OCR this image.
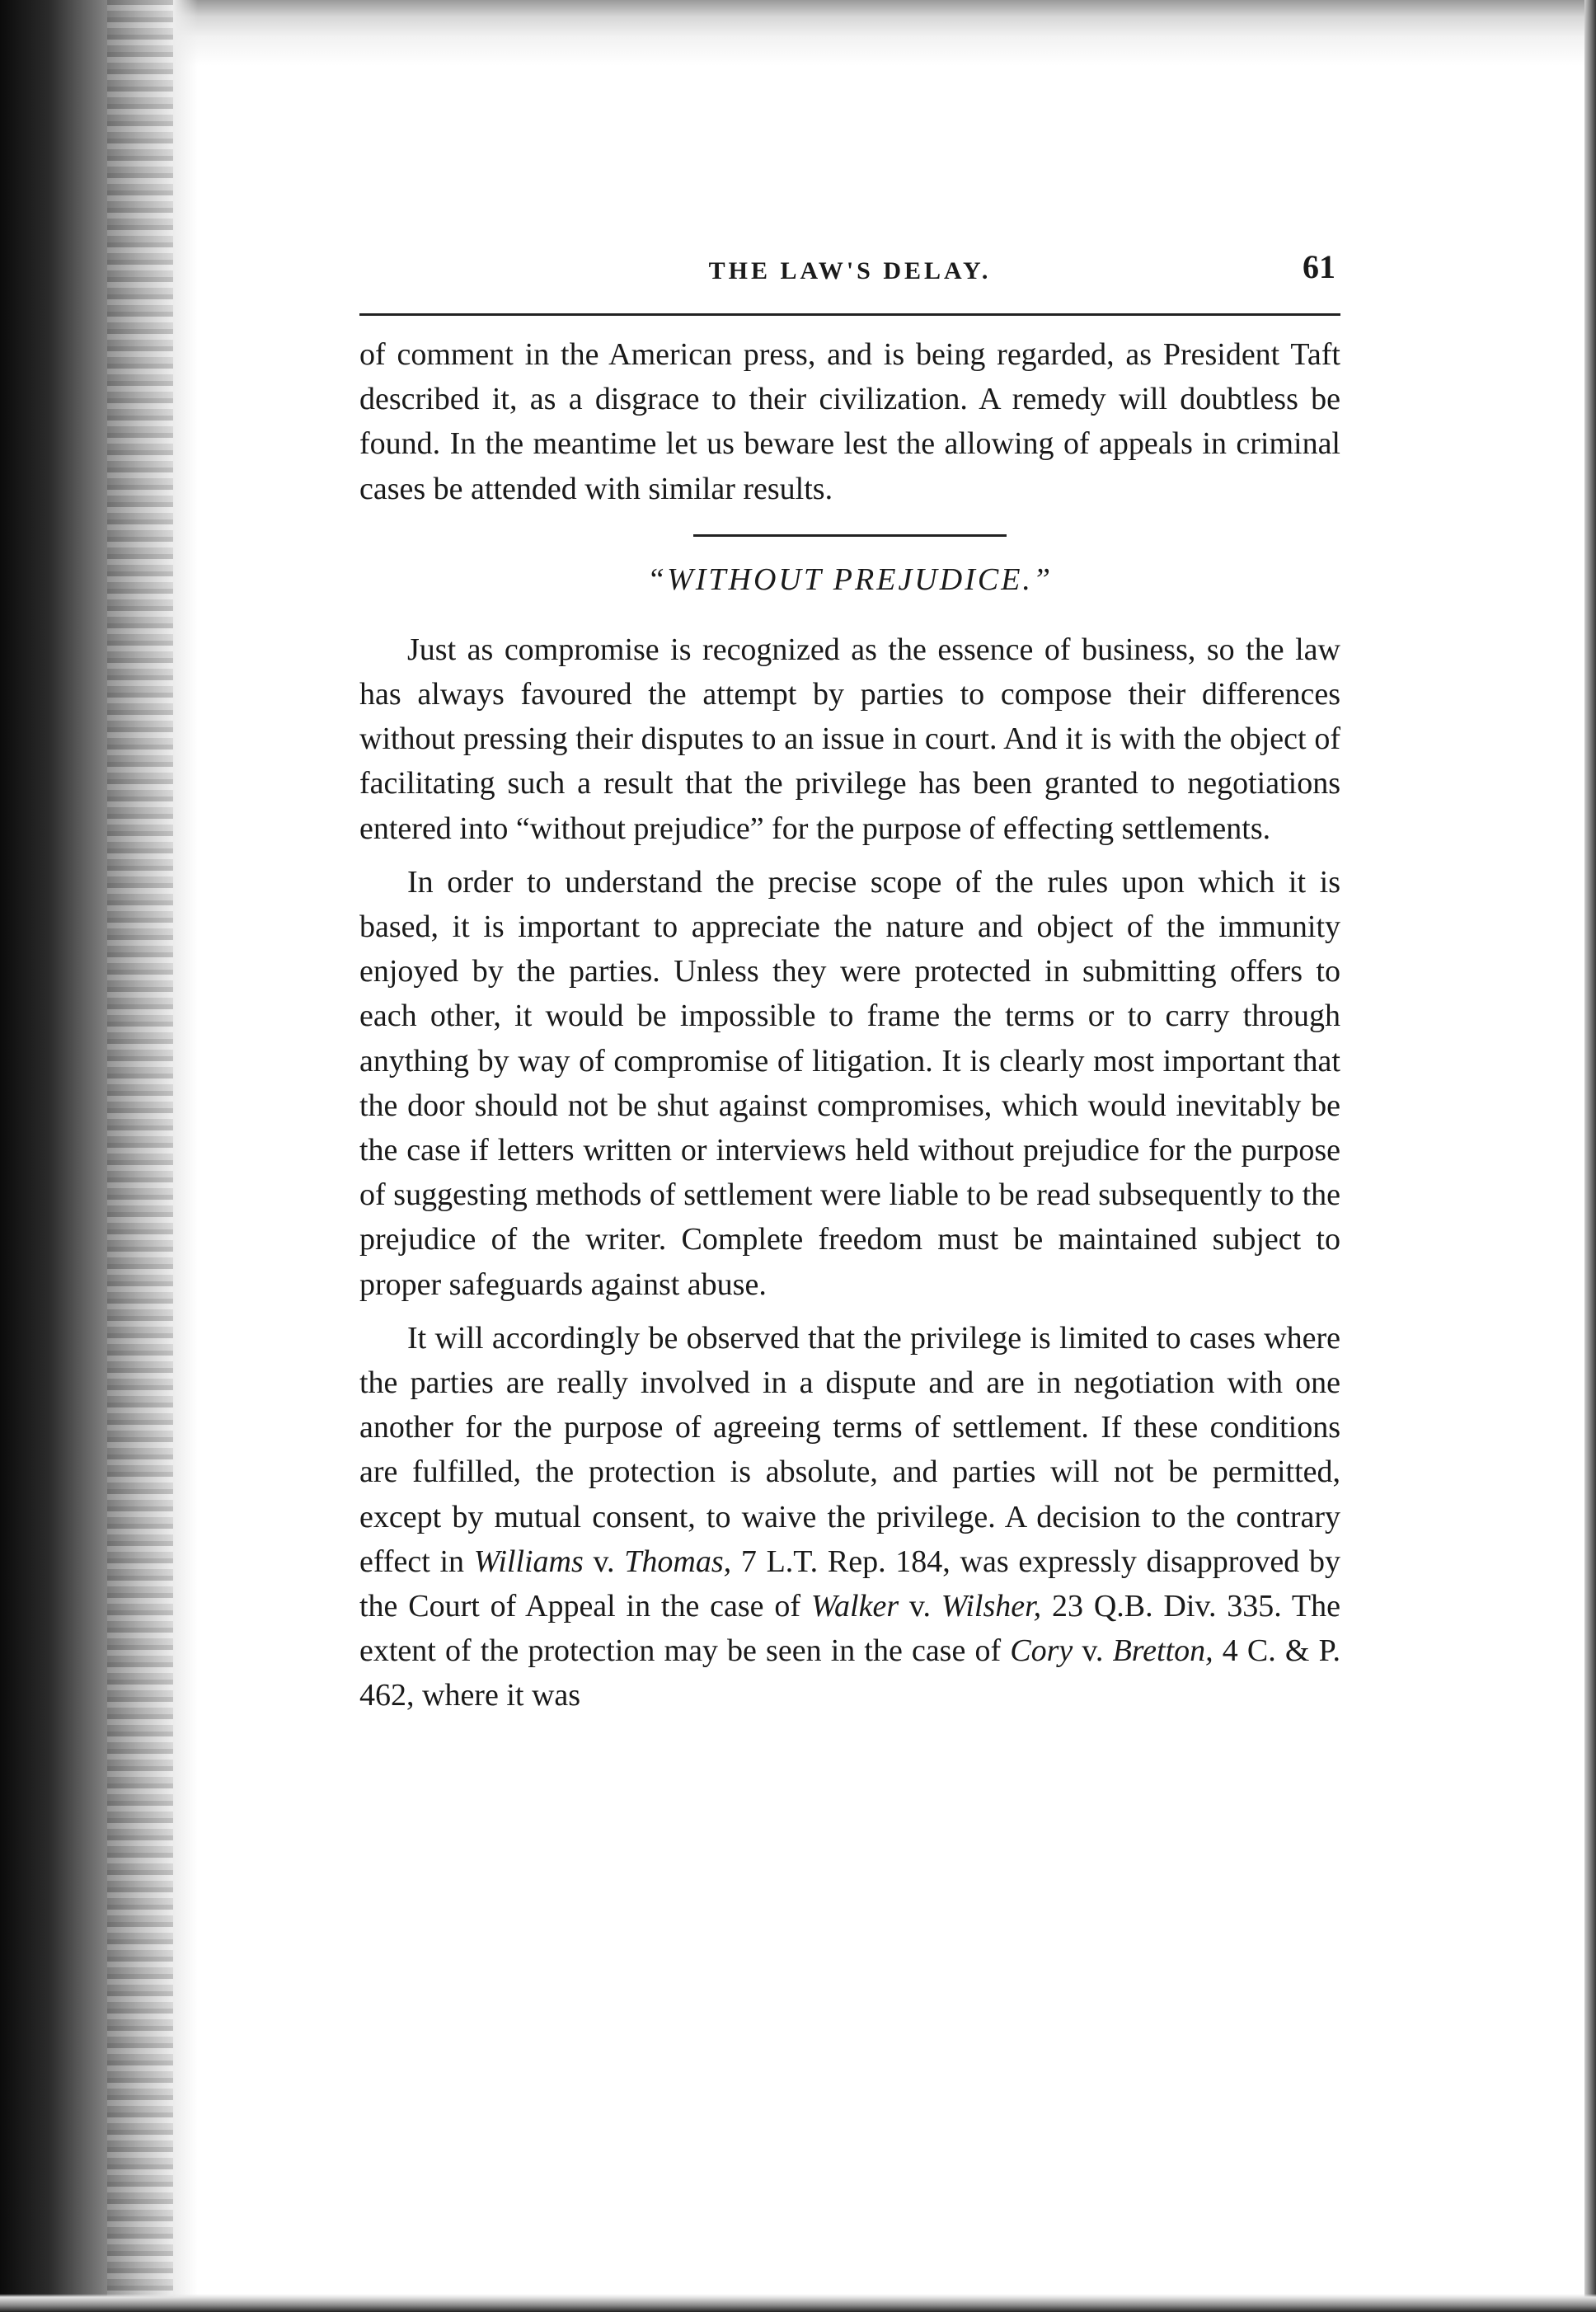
THE LAW'S DELAY.	61

of comment in the American press, and is being regarded, as President Taft described it, as a disgrace to their civilization. A remedy will doubtless be found. In the meantime let us beware lest the allowing of appeals in criminal cases be attended with similar results.

“WITHOUT PREJUDICE.”

Just as compromise is recognized as the essence of business, so the law has always favoured the attempt by parties to compose their differences without pressing their disputes to an issue in court. And it is with the object of facilitating such a result that the privilege has been granted to negotiations entered into “without prejudice” for the purpose of effecting settlements.

In order to understand the precise scope of the rules upon which it is based, it is important to appreciate the nature and object of the immunity enjoyed by the parties. Unless they were protected in submitting offers to each other, it would be impossible to frame the terms or to carry through anything by way of compromise of litigation. It is clearly most important that the door should not be shut against compromises, which would inevitably be the case if letters written or interviews held without prejudice for the purpose of suggesting methods of settlement were liable to be read subsequently to the prejudice of the writer. Complete freedom must be maintained subject to proper safeguards against abuse.

It will accordingly be observed that the privilege is limited to cases where the parties are really involved in a dispute and are in negotiation with one another for the purpose of agreeing terms of settlement. If these conditions are fulfilled, the protection is absolute, and parties will not be permitted, except by mutual consent, to waive the privilege. A decision to the contrary effect in Williams v. Thomas, 7 L.T. Rep. 184, was expressly disapproved by the Court of Appeal in the case of Walker v. Wilsher, 23 Q.B. Div. 335. The extent of the protection may be seen in the case of Cory v. Bretton, 4 C. & P. 462, where it was
